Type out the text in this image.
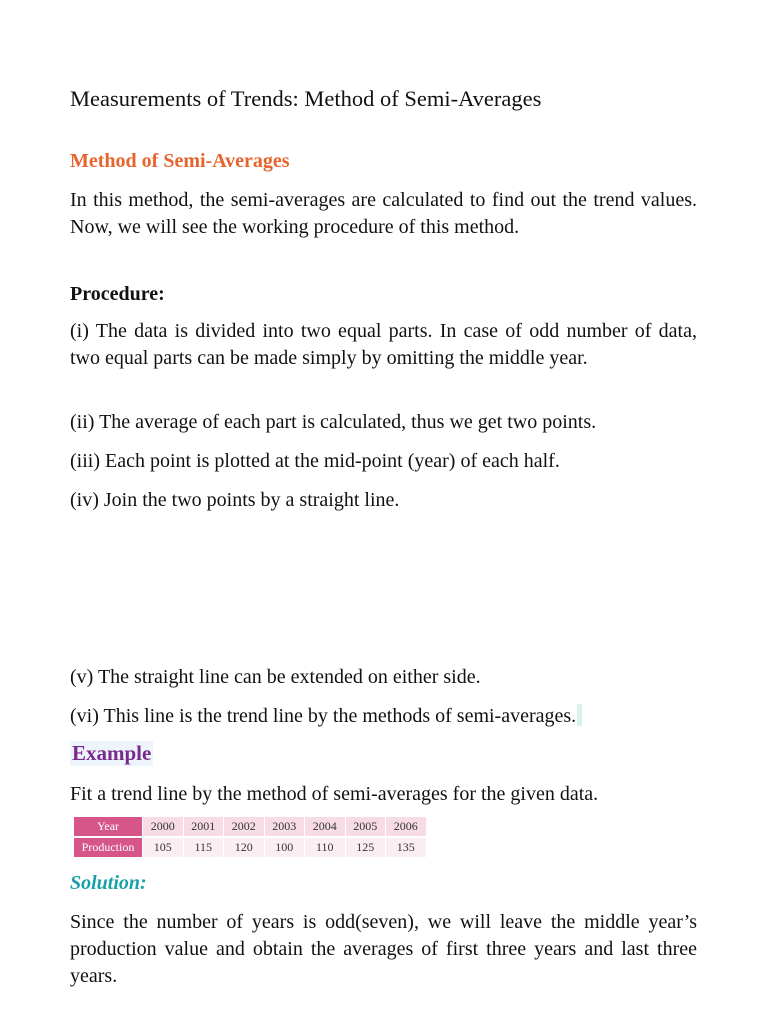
Measurements of Trends: Method of Semi-Averages
Method of Semi-Averages
In this method, the semi-averages are calculated to find out the trend values. Now, we will see the working procedure of this method.
Procedure:
(i) The data is divided into two equal parts. In case of odd number of data, two equal parts can be made simply by omitting the middle year.
(ii) The average of each part is calculated, thus we get two points.
(iii) Each point is plotted at the mid-point (year) of each half.
(iv) Join the two points by a straight line.
(v) The straight line can be extended on either side.
(vi) This line is the trend line by the methods of semi-averages.
Example
Fit a trend line by the method of semi-averages for the given data.
Year	2000	2001	2002	2003	2004	2005	2006
Production	105	115	120	100	110	125	135
Solution:
Since the number of years is odd(seven), we will leave the middle year’s production value and obtain the averages of first three years and last three years.
